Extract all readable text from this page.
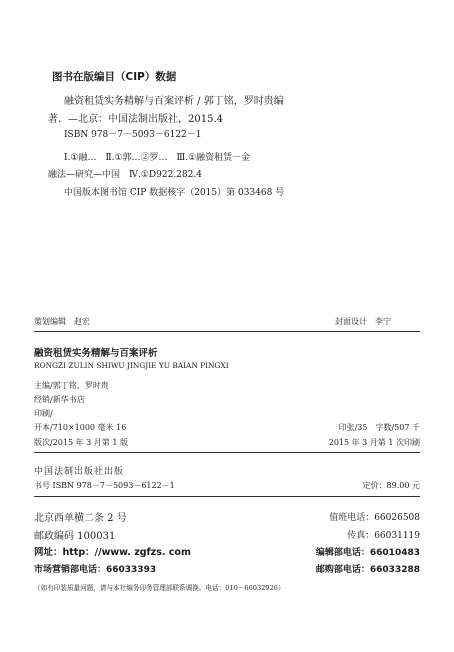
图书在版编目（CIP）数据
融资租赁实务精解与百案评析 / 郭丁铭，罗时贵编
著．—北京：中国法制出版社，2015.4
ISBN 978－7－5093－6122－1
Ⅰ.①融…　Ⅱ.①郭…②罗…　Ⅲ.①融资租赁－金
融法—研究—中国　Ⅳ.①D922.282.4
中国版本图书馆 CIP 数据核字（2015）第 033468 号
策划编辑　赵宏	封面设计　李宁
融资租赁实务精解与百案评析
RONGZI ZULIN SHIWU JINGJIE YU BAIAN PINGXI
主编/郭丁铭，罗时贵
经销/新华书店
印刷/
开本/710×1000 毫米 16	印张/35　字数/507 千
版次/2015 年 3 月第 1 版	2015 年 3 月第 1 次印刷
中国法制出版社出版
书号 ISBN 978－7－5093－6122－1	定价：89.00 元
北京西单横二条 2 号	值班电话：66026508
邮政编码 100031	传真：66031119
网址：http：//www. zgfzs. com	编辑部电话：66010483
市场营销部电话：66033393	邮购部电话：66033288
（如有印装质量问题，请与本社编务印务管理部联系调换。电话：010－66032926）
